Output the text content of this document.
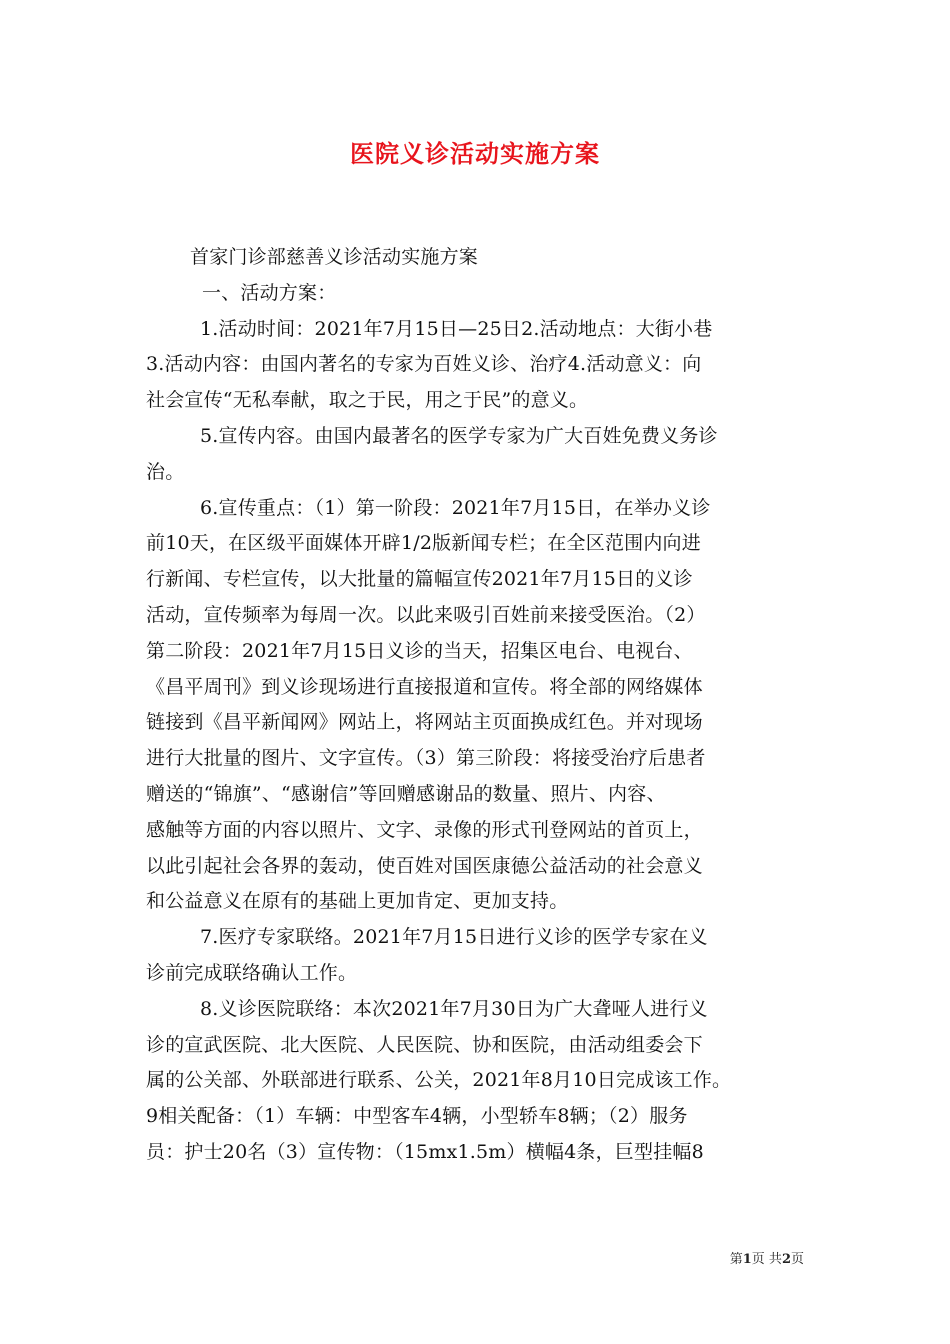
医院义诊活动实施方案
首家门诊部慈善义诊活动实施方案
一、活动方案：
1.活动时间：2021年7月15日—25日2.活动地点：大街小巷
3.活动内容：由国内著名的专家为百姓义诊、治疗4.活动意义：向
社会宣传“无私奉献，取之于民，用之于民”的意义。
5.宣传内容。由国内最著名的医学专家为广大百姓免费义务诊
治。
6.宣传重点：（1）第一阶段：2021年7月15日，在举办义诊
前10天，在区级平面媒体开辟1/2版新闻专栏；在全区范围内向进
行新闻、专栏宣传，以大批量的篇幅宣传2021年7月15日的义诊
活动，宣传频率为每周一次。以此来吸引百姓前来接受医治。（2）
第二阶段：2021年7月15日义诊的当天，招集区电台、电视台、
《昌平周刊》到义诊现场进行直接报道和宣传。将全部的网络媒体
链接到《昌平新闻网》网站上，将网站主页面换成红色。并对现场
进行大批量的图片、文字宣传。（3）第三阶段：将接受治疗后患者
赠送的“锦旗”、“感谢信”等回赠感谢品的数量、照片、内容、
感触等方面的内容以照片、文字、录像的形式刊登网站的首页上，
以此引起社会各界的轰动，使百姓对国医康德公益活动的社会意义
和公益意义在原有的基础上更加肯定、更加支持。
7.医疗专家联络。2021年7月15日进行义诊的医学专家在义
诊前完成联络确认工作。
8.义诊医院联络：本次2021年7月30日为广大聋哑人进行义
诊的宣武医院、北大医院、人民医院、协和医院，由活动组委会下
属的公关部、外联部进行联系、公关，2021年8月10日完成该工作。
9相关配备：（1）车辆：中型客车4辆，小型轿车8辆；（2）服务
员：护士20名（3）宣传物：（15mx1.5m）横幅4条，巨型挂幅8
第1页 共2页
